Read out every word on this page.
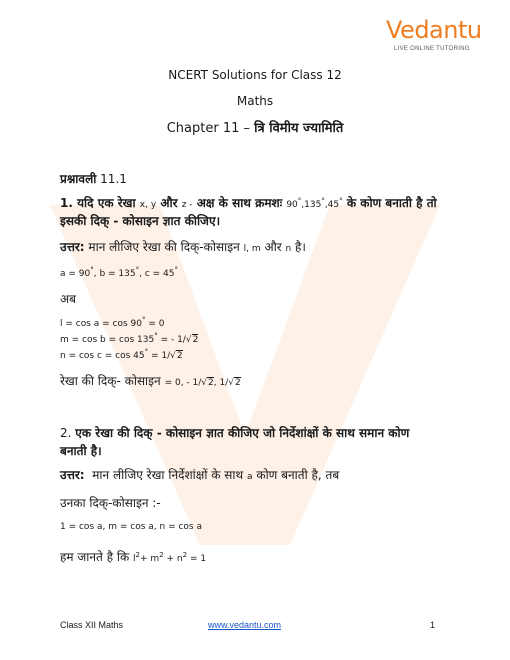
Vedantu
LIVE ONLINE TUTORING
NCERT Solutions for Class 12
Maths
Chapter 11 – त्रि विमीय ज्यामिति
प्रश्नावली 11.1
1. यदि एक रेखा x, y और z - अक्ष के साथ क्रमशः 90°,135°,45° के कोण बनाती है तो
इसकी दिक् - कोसाइन ज्ञात कीजिए।
उत्तर: मान लीजिए रेखा की दिक्-कोसाइन l, m और n है।
a = 90°, b = 135°, c = 45°
अब
l = cos a = cos 90° = 0
m = cos b = cos 135° = - 1/√2
n = cos c = cos 45° = 1/√2
रेखा की दिक्- कोसाइन = 0, - 1/√2, 1/√2
2. एक रेखा की दिक् - कोसाइन ज्ञात कीजिए जो निर्देशांक्षों के साथ समान कोण
बनाती है।
उत्तर: मान लीजिए रेखा निर्देशांक्षों के साथ a कोण बनाती है, तब
उनका दिक्-कोसाइन :-
1 = cos a, m = cos a, n = cos a
हम जानते है कि $l^2+ m^2 + n^2 = 1$
Class XII Maths	www.vedantu.com	1
